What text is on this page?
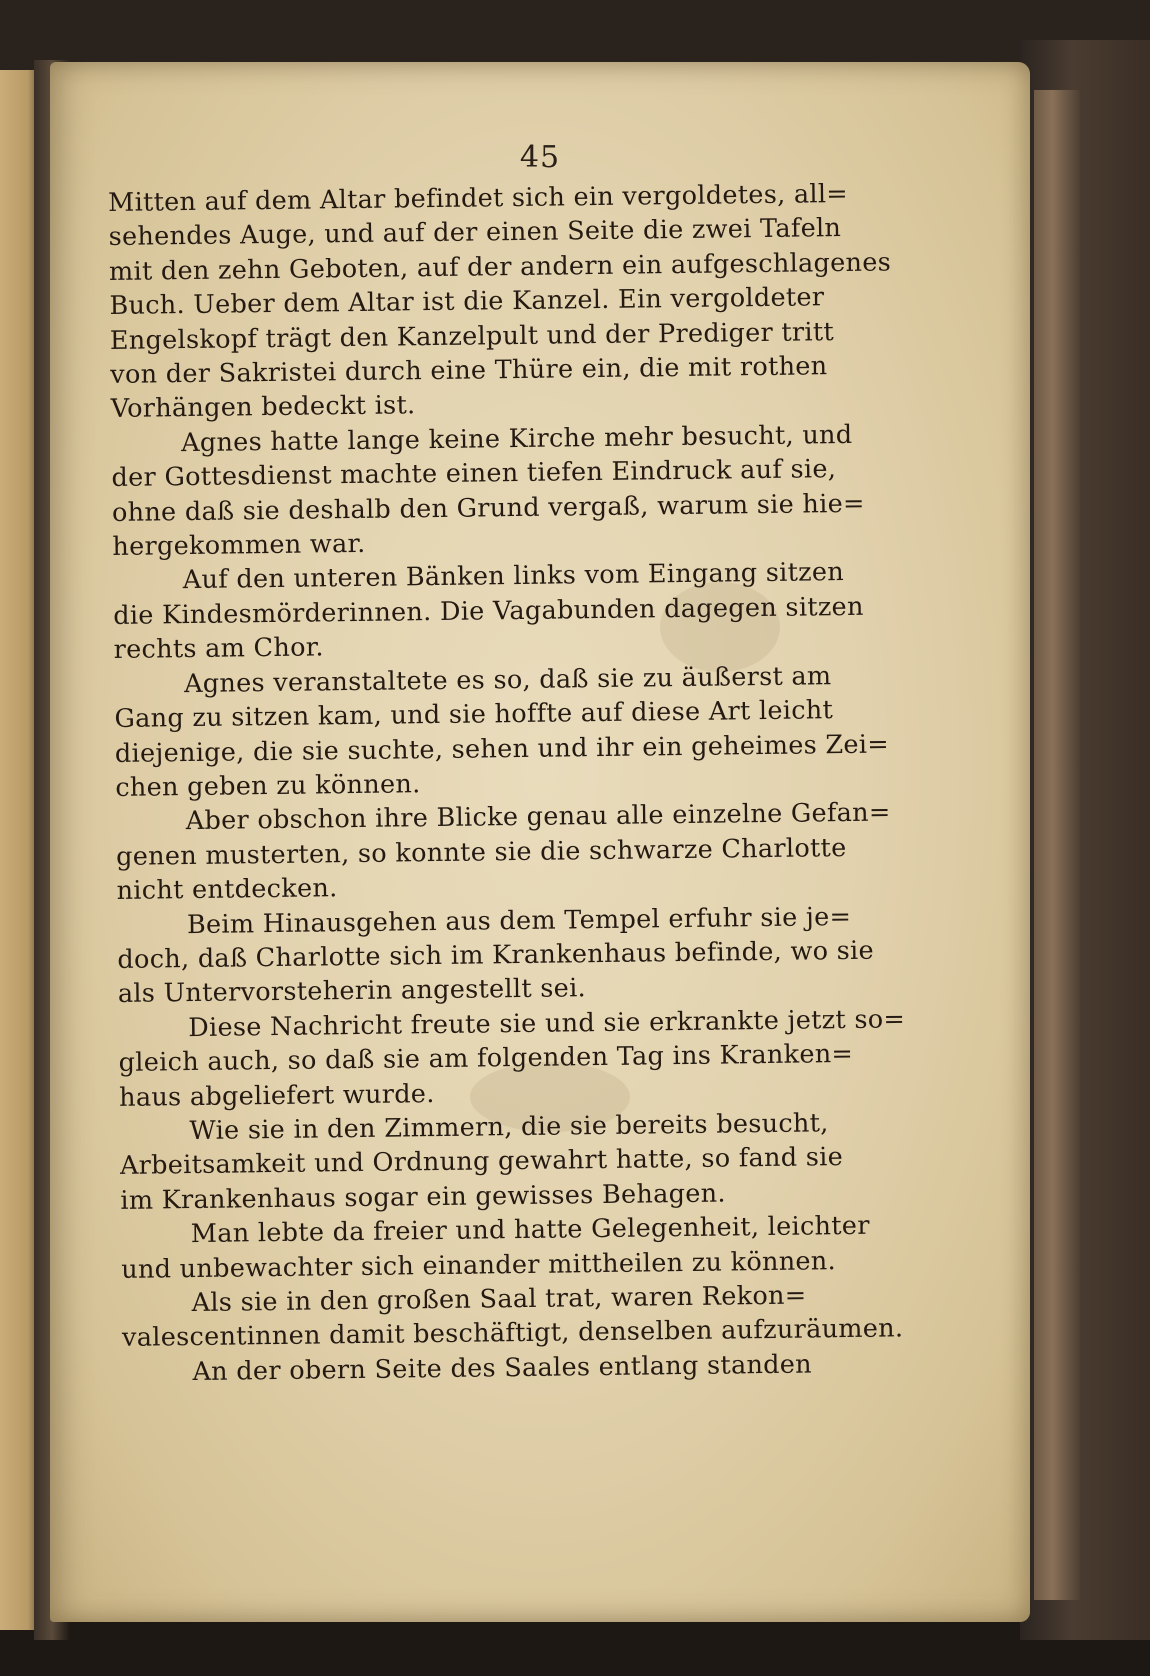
45
Mitten auf dem Altar befindet sich ein vergoldetes, all=
sehendes Auge, und auf der einen Seite die zwei Tafeln
mit den zehn Geboten, auf der andern ein aufgeschlagenes
Buch. Ueber dem Altar ist die Kanzel. Ein vergoldeter
Engelskopf trägt den Kanzelpult und der Prediger tritt
von der Sakristei durch eine Thüre ein, die mit rothen
Vorhängen bedeckt ist.
Agnes hatte lange keine Kirche mehr besucht, und
der Gottesdienst machte einen tiefen Eindruck auf sie,
ohne daß sie deshalb den Grund vergaß, warum sie hie=
hergekommen war.
Auf den unteren Bänken links vom Eingang sitzen
die Kindesmörderinnen. Die Vagabunden dagegen sitzen
rechts am Chor.
Agnes veranstaltete es so, daß sie zu äußerst am
Gang zu sitzen kam, und sie hoffte auf diese Art leicht
diejenige, die sie suchte, sehen und ihr ein geheimes Zei=
chen geben zu können.
Aber obschon ihre Blicke genau alle einzelne Gefan=
genen musterten, so konnte sie die schwarze Charlotte
nicht entdecken.
Beim Hinausgehen aus dem Tempel erfuhr sie je=
doch, daß Charlotte sich im Krankenhaus befinde, wo sie
als Untervorsteherin angestellt sei.
Diese Nachricht freute sie und sie erkrankte jetzt so=
gleich auch, so daß sie am folgenden Tag ins Kranken=
haus abgeliefert wurde.
Wie sie in den Zimmern, die sie bereits besucht,
Arbeitsamkeit und Ordnung gewahrt hatte, so fand sie
im Krankenhaus sogar ein gewisses Behagen.
Man lebte da freier und hatte Gelegenheit, leichter
und unbewachter sich einander mittheilen zu können.
Als sie in den großen Saal trat, waren Rekon=
valescentinnen damit beschäftigt, denselben aufzuräumen.
An der obern Seite des Saales entlang standen
